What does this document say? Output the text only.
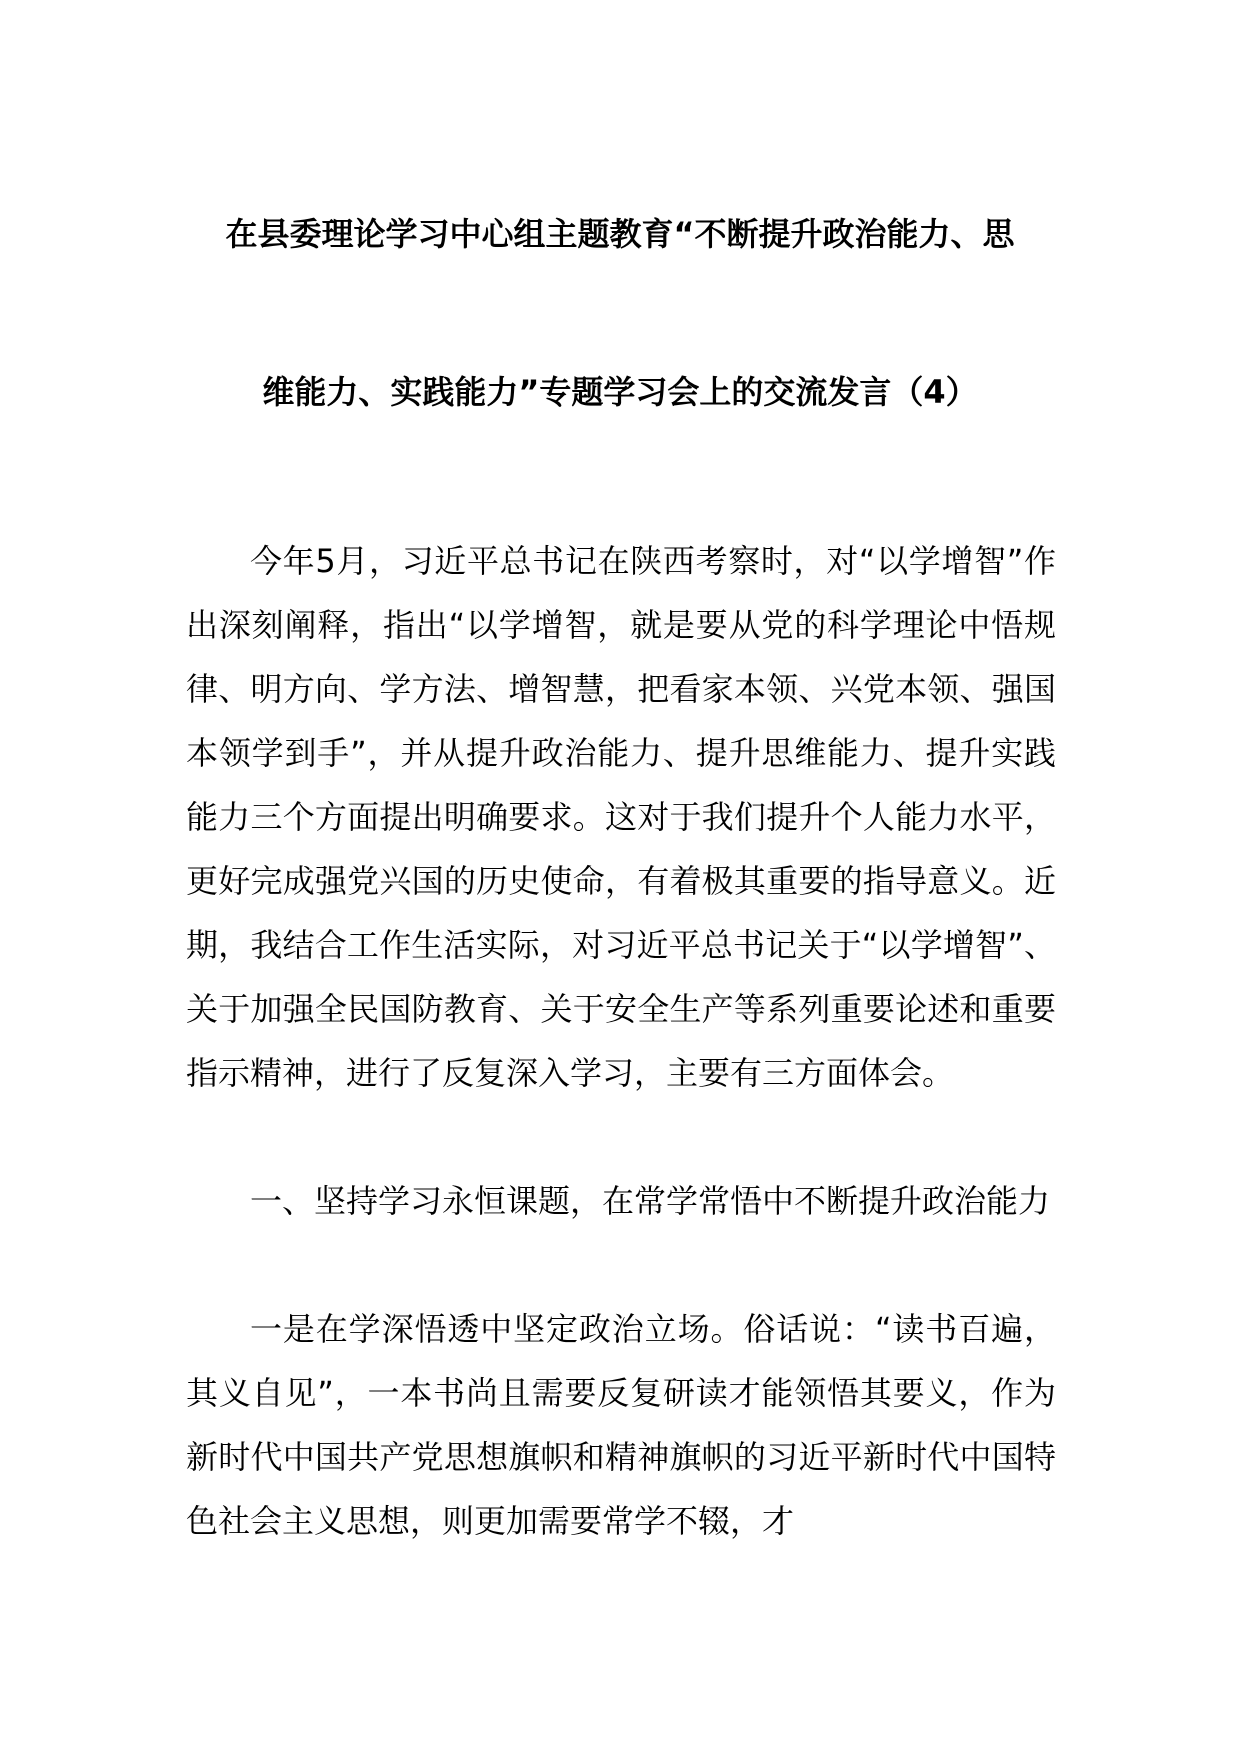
在县委理论学习中心组主题教育“不断提升政治能力、思
维能力、实践能力”专题学习会上的交流发言（4）

今年5月，习近平总书记在陕西考察时，对“以学增智”作出深刻阐释，指出“以学增智，就是要从党的科学理论中悟规律、明方向、学方法、增智慧，把看家本领、兴党本领、强国本领学到手”，并从提升政治能力、提升思维能力、提升实践能力三个方面提出明确要求。这对于我们提升个人能力水平，更好完成强党兴国的历史使命，有着极其重要的指导意义。近期，我结合工作生活实际，对习近平总书记关于“以学增智”、关于加强全民国防教育、关于安全生产等系列重要论述和重要指示精神，进行了反复深入学习，主要有三方面体会。

一、坚持学习永恒课题，在常学常悟中不断提升政治能力

一是在学深悟透中坚定政治立场。俗话说：“读书百遍，其义自见”，一本书尚且需要反复研读才能领悟其要义，作为新时代中国共产党思想旗帜和精神旗帜的习近平新时代中国特色社会主义思想，则更加需要常学不辍，才
